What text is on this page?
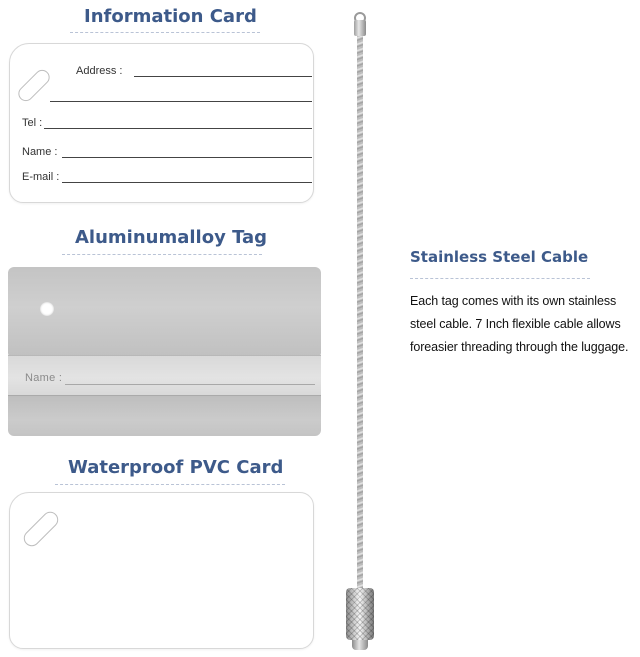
Information Card
Address :
Tel :
Name :
E-mail :
Aluminumalloy Tag
Name :
Waterproof PVC Card
Stainless Steel Cable
Each tag comes with its own stainless
steel cable. 7 Inch flexible cable allows
foreasier threading through the luggage.
